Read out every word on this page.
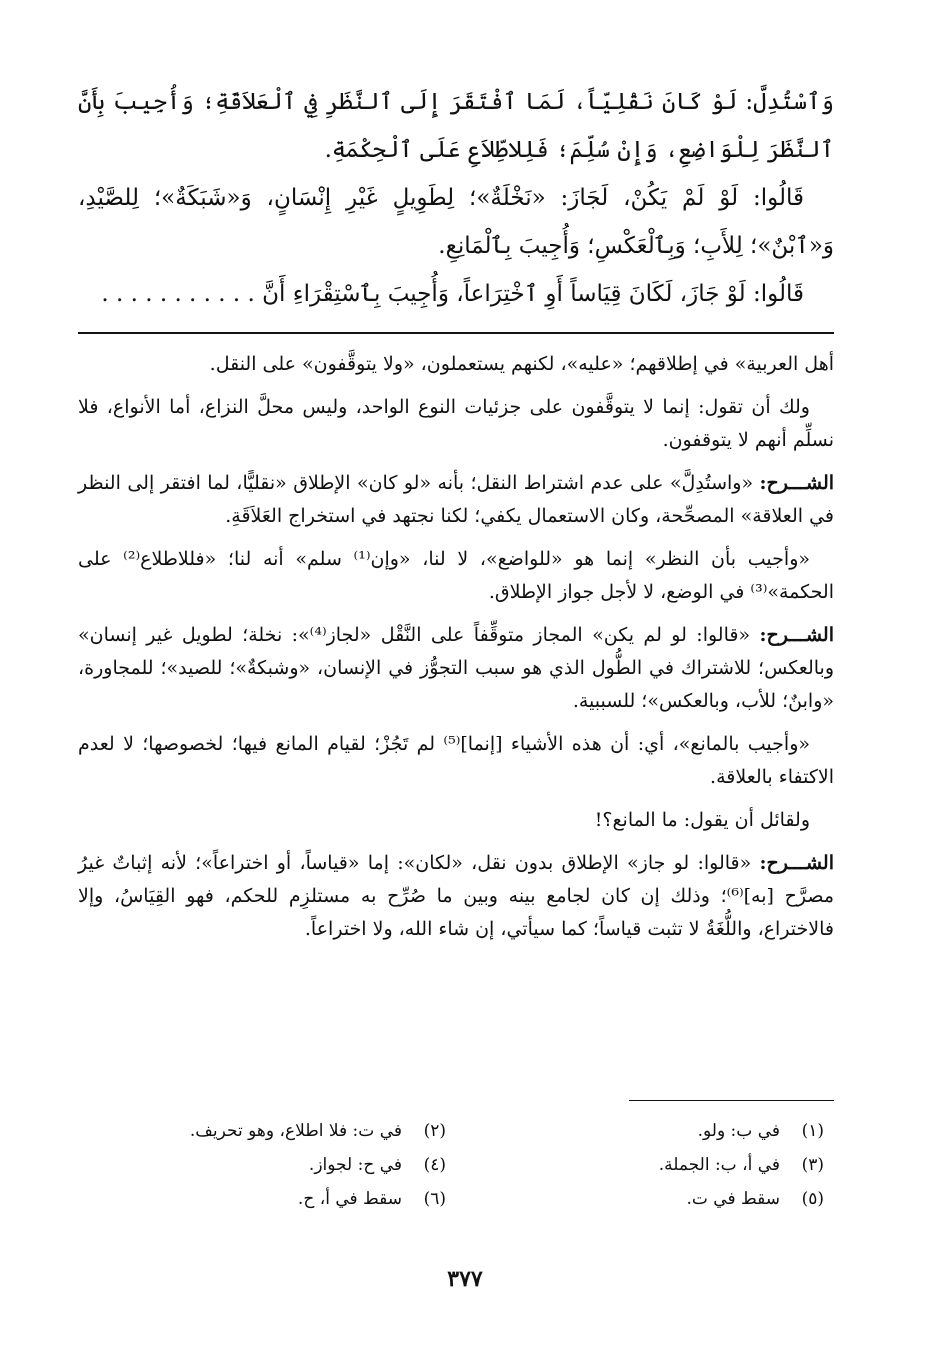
وَٱسْتُدِلَّ: لَوْ كَانَ نَقْلِيّاً، لَمَا ٱفْتَقَرَ إِلَى ٱلنَّظَرِ فِي ٱلْعَلاَقَةِ؛ وَأُجِيبَ بِأَنَّ ٱلنَّظَرَ لِلْوَاضِعِ، وَإِنْ سُلِّمَ؛ فَلِلاطِّلاَعِ عَلَى ٱلْحِكْمَةِ.

قَالُوا: لَوْ لَمْ يَكُنْ، لَجَازَ: «نَخْلَةٌ»؛ لِطَوِيلٍ غَيْرِ إِنْسَانٍ، وَ«شَبَكَةٌ»؛ لِلصَّيْدِ، وَ«ٱبْنٌ»؛ لِلأَبِ؛ وَبِٱلْعَكْسِ؛ وَأُجِيبَ بِٱلْمَانِعِ.

قَالُوا: لَوْ جَازَ، لَكَانَ قِيَاساً أَوِ ٱخْتِرَاعاً، وَأُجِيبَ بِٱسْتِقْرَاءِ أَنَّ . . . . . . . . . . .

أهل العربية» في إطلاقهم؛ «عليه»، لكنهم يستعملون، «ولا يتوقَّفون» على النقل.

ولك أن تقول: إنما لا يتوقَّفون على جزئيات النوع الواحد، وليس محلَّ النزاع، أما الأنواع، فلا نسلِّم أنهم لا يتوقفون.

الشـــرح: «واستُدِلَّ» على عدم اشتراط النقل؛ بأنه «لو كان» الإطلاق «نقليًّا، لما افتقر إلى النظر في العلاقة» المصحِّحة، وكان الاستعمال يكفي؛ لكنا نجتهد في استخراج العَلاَقَةِ.

«وأجيب بأن النظر» إنما هو «للواضع»، لا لنا، «وإن⁽¹⁾ سلم» أنه لنا؛ «فللاطلاع⁽²⁾ على الحكمة»⁽³⁾ في الوضع، لا لأجل جواز الإطلاق.

الشـــرح: «قالوا: لو لم يكن» المجاز متوقِّفاً على النَّقْل «لجاز⁽⁴⁾»: نخلة؛ لطويل غير إنسان» وبالعكس؛ للاشتراك في الطُّول الذي هو سبب التجوُّز في الإنسان، «وشبكةٌ»؛ للصيد»؛ للمجاورة، «وابنٌ؛ للأب، وبالعكس»؛ للسببية.

«وأجيب بالمانع»، أي: أن هذه الأشياء [إنما]⁽⁵⁾ لم تَجُزْ؛ لقيام المانع فيها؛ لخصوصها؛ لا لعدم الاكتفاء بالعلاقة.

ولقائل أن يقول: ما المانع؟!

الشـــرح: «قالوا: لو جاز» الإطلاق بدون نقل، «لكان»: إما «قياساً، أو اختراعاً»؛ لأنه إثباتٌ غيرُ مصرَّح [به]⁽⁶⁾؛ وذلك إن كان لجامع بينه وبين ما صُرِّح به مستلزِم للحكم، فهو القِيَاسُ، وإلا فالاختراع، واللُّغَةُ لا تثبت قياساً؛ كما سيأتي، إن شاء الله، ولا اختراعاً.

(١)في ب: ولو.
(٢)في ت: فلا اطلاع، وهو تحريف.
(٣)في أ، ب: الجملة.
(٤)في ح: لجواز.
(٥)سقط في ت.
(٦)سقط في أ، ح.
٣٧٧
